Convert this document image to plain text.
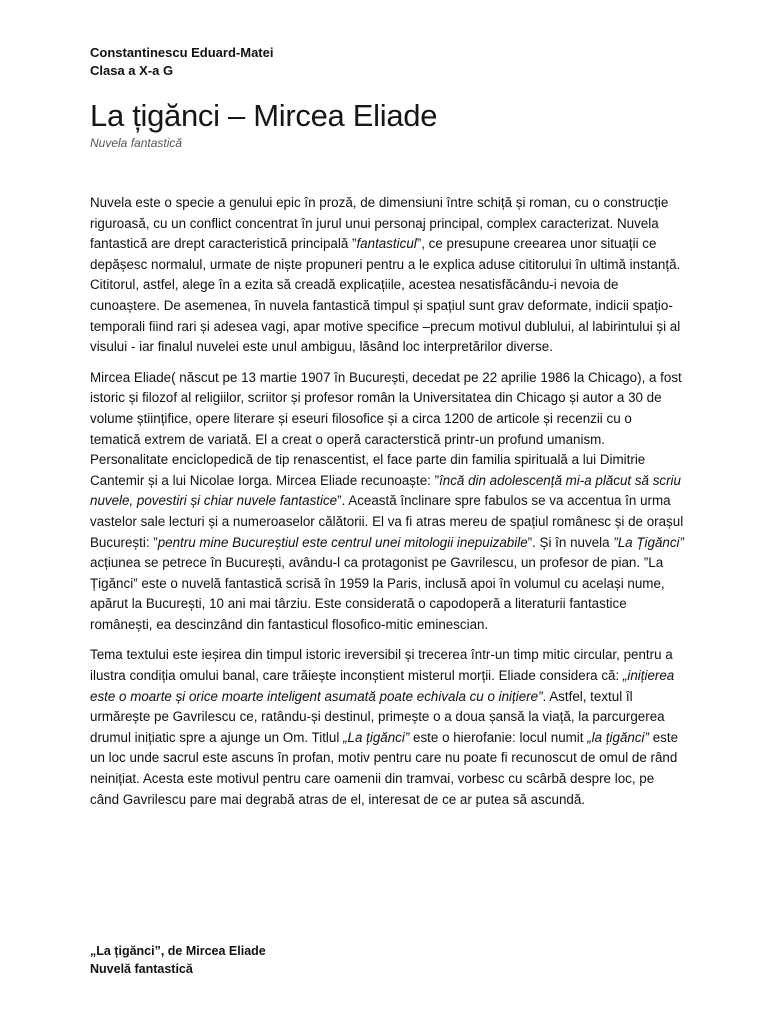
Constantinescu Eduard-Matei
Clasa a X-a G
La țigănci – Mircea Eliade
Nuvela fantastică

Nuvela este o specie a genului epic în proză, de dimensiuni între schiță și roman, cu o construcție riguroasă, cu un conflict concentrat în jurul unui personaj principal, complex caracterizat. Nuvela fantastică are drept caracteristică principală ”fantasticul”, ce presupune creearea unor situații ce depășesc normalul, urmate de niște propuneri pentru a le explica aduse cititorului în ultimă instanță. Cititorul, astfel, alege în a ezita să creadă explicațiile, acestea nesatisfăcându-i nevoia de cunoaștere. De asemenea, în nuvela fantastică timpul și spațiul sunt grav deformate, indicii spațio-temporali fiind rari și adesea vagi, apar motive specifice –precum motivul dublului, al labirintului și al visului - iar finalul nuvelei este unul ambiguu, lăsând loc interpretărilor diverse.

Mircea Eliade( născut pe 13 martie 1907 în București, decedat pe 22 aprilie 1986 la Chicago), a fost istoric și filozof al religiilor, scriitor și profesor român la Universitatea din Chicago și autor a 30 de volume științifice, opere literare și eseuri filosofice și a circa 1200 de articole și recenzii cu o tematică extrem de variată. El a creat o operă caracterstică printr-un profund umanism. Personalitate enciclopedică de tip renascentist, el face parte din familia spirituală a lui Dimitrie Cantemir și a lui Nicolae Iorga. Mircea Eliade recunoaște: ”încă din adolescență mi-a plăcut să scriu nuvele, povestiri și chiar nuvele fantastice”. Această înclinare spre fabulos se va accentua în urma vastelor sale lecturi și a numeroaselor călătorii. El va fi atras mereu de spațiul românesc și de orașul București: ”pentru mine Bucureștiul este centrul unei mitologii inepuizabile”. Și în nuvela ”La Țigănci” acțiunea se petrece în București, avându-l ca protagonist pe Gavrilescu, un profesor de pian. ”La Țigănci” este o nuvelă fantastică scrisă în 1959 la Paris, inclusă apoi în volumul cu același nume, apărut la București, 10 ani mai târziu. Este considerată o capodoperă a literaturii fantastice românești, ea descinzând din fantasticul flosofico-mitic eminescian.

Tema textului este ieșirea din timpul istoric ireversibil și trecerea într-un timp mitic circular, pentru a ilustra condiția omului banal, care trăiește inconștient misterul morții. Eliade considera că: „inițierea este o moarte și orice moarte inteligent asumată poate echivala cu o inițiere”. Astfel, textul îl urmărește pe Gavrilescu ce, ratându-și destinul, primește o a doua șansă la viață, la parcurgerea drumul inițiatic spre a ajunge un Om. Titlul „La țigănci” este o hierofanie: locul numit „la țigănci” este un loc unde sacrul este ascuns în profan, motiv pentru care nu poate fi recunoscut de omul de rând neinițiat. Acesta este motivul pentru care oamenii din tramvai, vorbesc cu scârbă despre loc, pe când Gavrilescu pare mai degrabă atras de el, interesat de ce ar putea să ascundă.

„La țigănci”, de Mircea Eliade
Nuvelă fantastică
